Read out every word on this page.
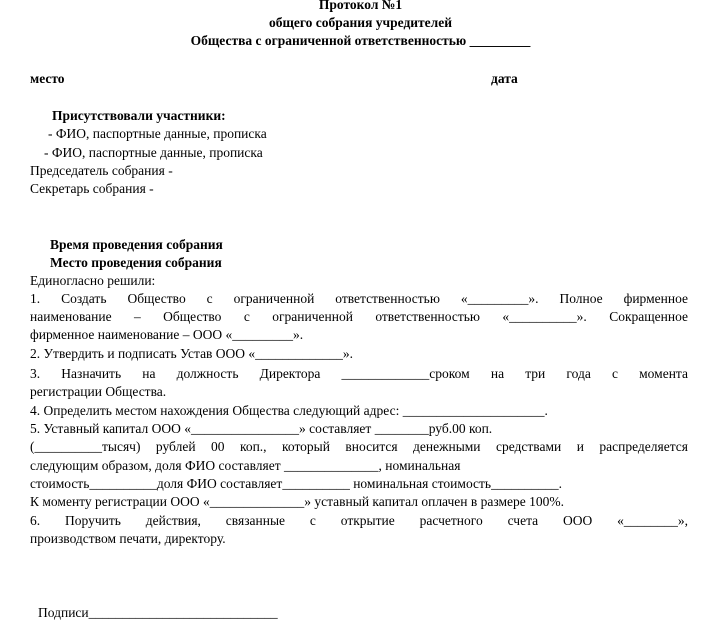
Протокол №1
общего собрания учредителей
Общества с ограниченной ответственностью _________
место	дата
Присутствовали участники:
- ФИО, паспортные данные, прописка
- ФИО, паспортные данные, прописка
Председатель собрания -
Секретарь собрания -
Время проведения собрания
Место проведения собрания
Единогласно решили:
1. Создать Общество с ограниченной ответственностью «_________». Полное фирменное
наименование – Общество с ограниченной ответственностью «__________». Сокращенное
фирменное наименование – ООО «_________».
2. Утвердить и подписать Устав ООО «_____________».
3. Назначить на должность Директора _____________сроком на три года с момента
регистрации Общества.
4. Определить местом нахождения Общества следующий адрес: _____________________.
5. Уставный капитал ООО «________________» составляет ________руб.00 коп.
(__________тысяч) рублей 00 коп., который вносится денежными средствами и распределяется
следующим образом, доля ФИО составляет ______________, номинальная
стоимость__________доля ФИО составляет__________ номинальная стоимость__________.
К моменту регистрации ООО «______________» уставный капитал оплачен в размере 100%.
6. Поручить действия, связанные с открытие расчетного счета ООО «________»,
производством печати, директору.
Подписи____________________________
